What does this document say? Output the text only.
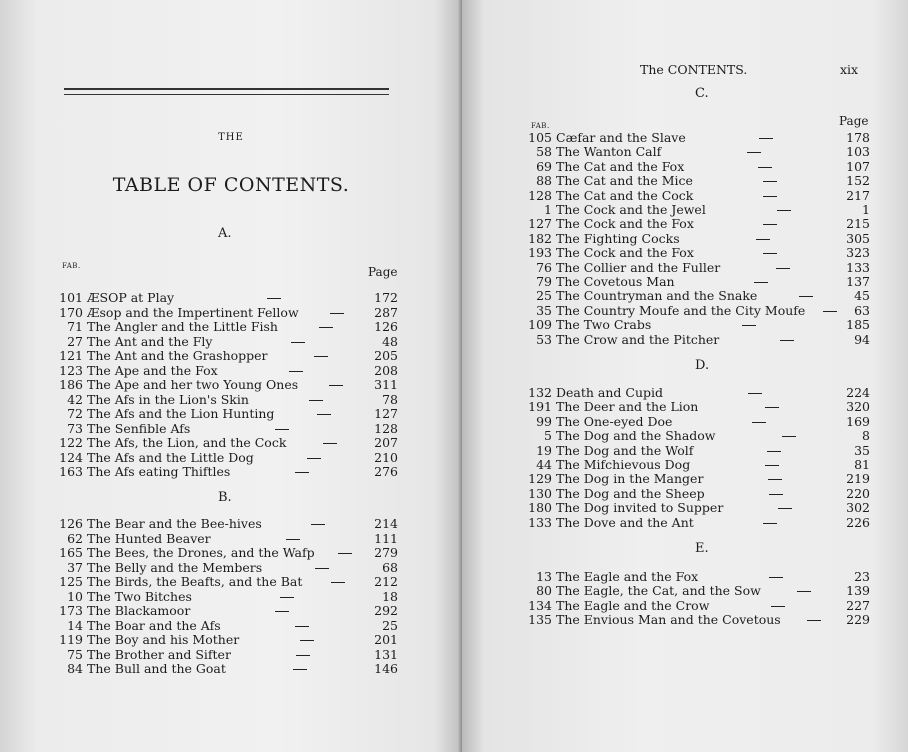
THE
TABLE OF CONTENTS.
FAB.	Page
A.
101 ÆSOP at Play	172
170 Æsop and the Impertinent Fellow	287
71 The Angler and the Little Fish	126
27 The Ant and the Fly	48
121 The Ant and the Grashopper	205
123 The Ape and the Fox	208
186 The Ape and her two Young Ones	311
42 The Afs in the Lion's Skin	78
72 The Afs and the Lion Hunting	127
73 The Senfible Afs	128
122 The Afs, the Lion, and the Cock	207
124 The Afs and the Little Dog	210
163 The Afs eating Thiftles	276
B.
126 The Bear and the Bee-hives	214
62 The Hunted Beaver	111
165 The Bees, the Drones, and the Wafp	279
37 The Belly and the Members	68
125 The Birds, the Beafts, and the Bat	212
10 The Two Bitches	18
173 The Blackamoor	292
14 The Boar and the Afs	25
119 The Boy and his Mother	201
75 The Brother and Sifter	131
84 The Bull and the Goat	146
The CONTENTS.	xix
FAB.	Page
C.
105 Cæfar and the Slave	178
58 The Wanton Calf	103
69 The Cat and the Fox	107
88 The Cat and the Mice	152
128 The Cat and the Cock	217
1 The Cock and the Jewel	1
127 The Cock and the Fox	215
182 The Fighting Cocks	305
193 The Cock and the Fox	323
76 The Collier and the Fuller	133
79 The Covetous Man	137
25 The Countryman and the Snake	45
35 The Country Moufe and the City Moufe	63
109 The Two Crabs	185
53 The Crow and the Pitcher	94
D.
132 Death and Cupid	224
191 The Deer and the Lion	320
99 The One-eyed Doe	169
5 The Dog and the Shadow	8
19 The Dog and the Wolf	35
44 The Mifchievous Dog	81
129 The Dog in the Manger	219
130 The Dog and the Sheep	220
180 The Dog invited to Supper	302
133 The Dove and the Ant	226
E.
13 The Eagle and the Fox	23
80 The Eagle, the Cat, and the Sow	139
134 The Eagle and the Crow	227
135 The Envious Man and the Covetous	229
